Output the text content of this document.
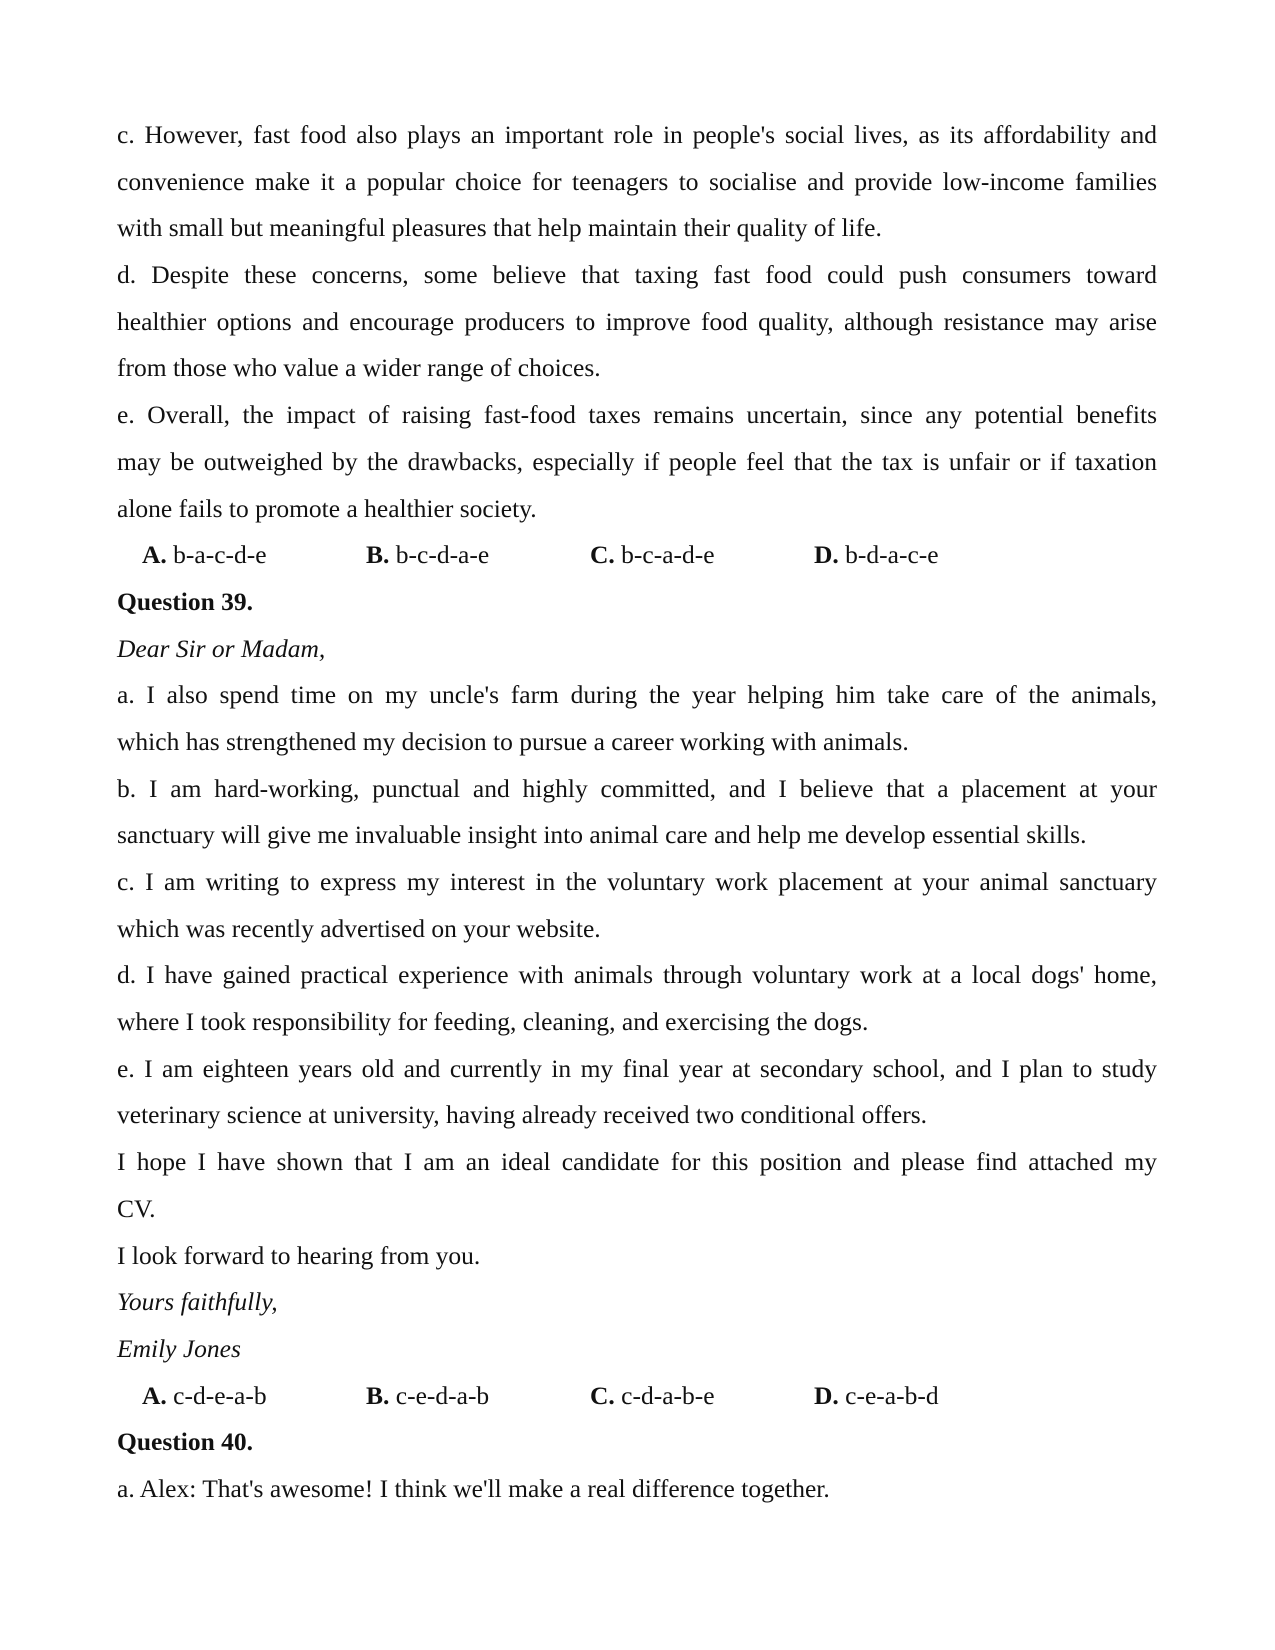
c. However, fast food also plays an important role in people's social lives, as its affordability and
convenience make it a popular choice for teenagers to socialise and provide low-income families
with small but meaningful pleasures that help maintain their quality of life.
d. Despite these concerns, some believe that taxing fast food could push consumers toward
healthier options and encourage producers to improve food quality, although resistance may arise
from those who value a wider range of choices.
e. Overall, the impact of raising fast-food taxes remains uncertain, since any potential benefits
may be outweighed by the drawbacks, especially if people feel that the tax is unfair or if taxation
alone fails to promote a healthier society.
A. b-a-c-d-e	B. b-c-d-a-e	C. b-c-a-d-e	D. b-d-a-c-e
Question 39.
Dear Sir or Madam,
a. I also spend time on my uncle's farm during the year helping him take care of the animals,
which has strengthened my decision to pursue a career working with animals.
b. I am hard-working, punctual and highly committed, and I believe that a placement at your
sanctuary will give me invaluable insight into animal care and help me develop essential skills.
c. I am writing to express my interest in the voluntary work placement at your animal sanctuary
which was recently advertised on your website.
d. I have gained practical experience with animals through voluntary work at a local dogs' home,
where I took responsibility for feeding, cleaning, and exercising the dogs.
e. I am eighteen years old and currently in my final year at secondary school, and I plan to study
veterinary science at university, having already received two conditional offers.
I hope I have shown that I am an ideal candidate for this position and please find attached my
CV.
I look forward to hearing from you.
Yours faithfully,
Emily Jones
A. c-d-e-a-b	B. c-e-d-a-b	C. c-d-a-b-e	D. c-e-a-b-d
Question 40.
a. Alex: That's awesome! I think we'll make a real difference together.
